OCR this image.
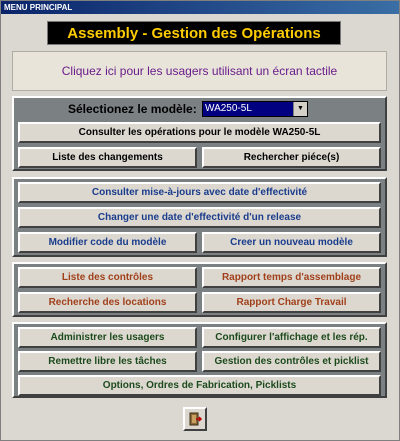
MENU PRINCIPAL
Assembly - Gestion des Opérations
Cliquez ici pour les usagers utilisant un écran tactile
Sélectionez le modèle: WA250-5L	▼
Consulter les opérations pour le modèle WA250-5L
Liste des changements	Rechercher piéce(s)
Consulter mise-à-jours avec date d'effectivité
Changer une date d'effectivité d'un release
Modifier code du modèle	Creer un nouveau modèle
Liste des contrôles	Rapport temps d'assemblage
Recherche des locations	Rapport Charge Travail
Administrer les usagers	Configurer l'affichage et les rép.
Remettre libre les tâches	Gestion des contrôles et picklist
Options, Ordres de Fabrication, Picklists
